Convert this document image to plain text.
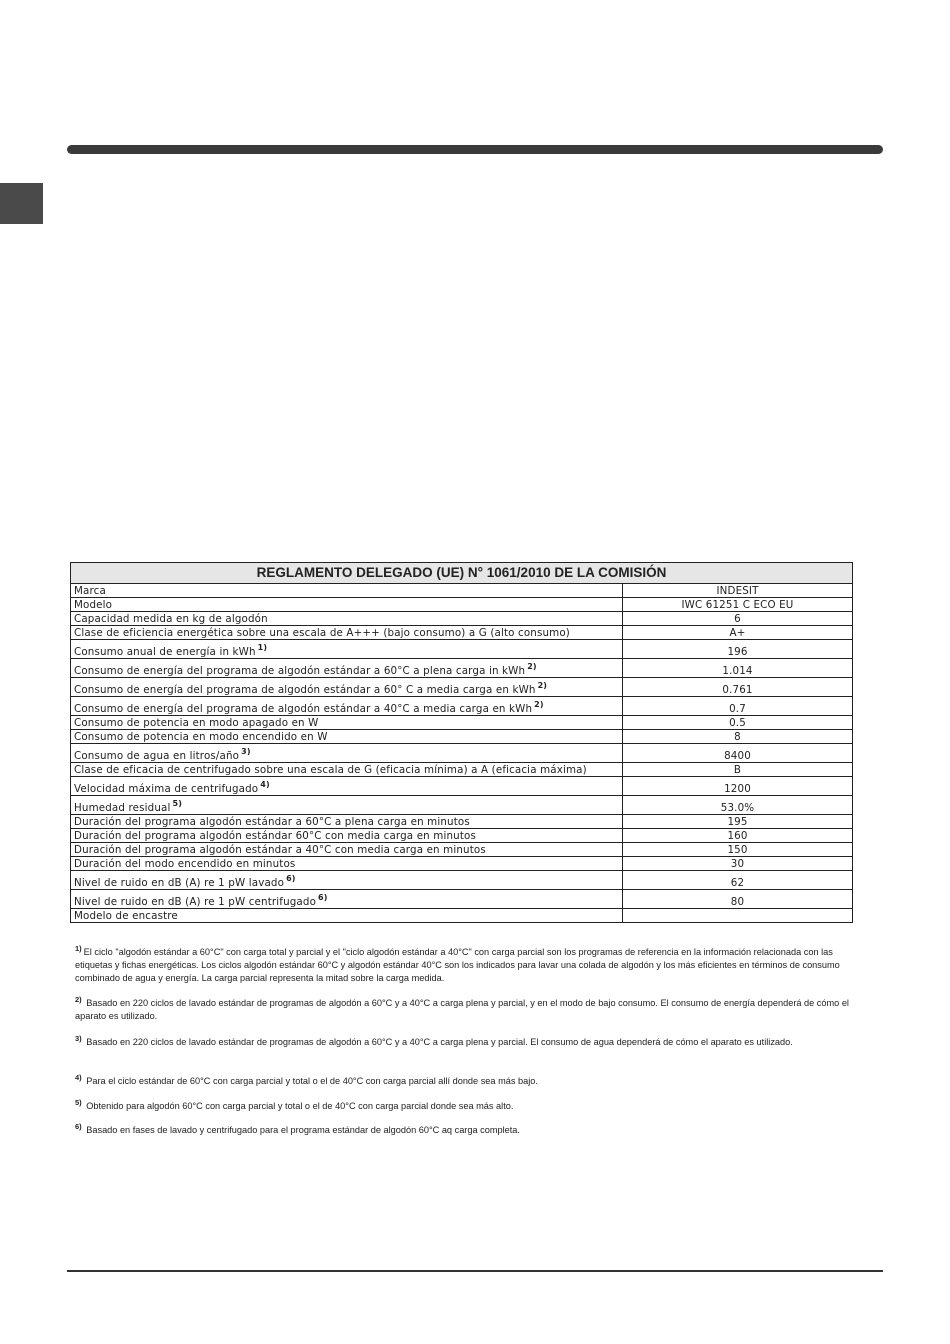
REGLAMENTO DELEGADO (UE) N° 1061/2010 DE LA COMISIÓN	
Marca	INDESIT
Modelo	IWC 61251 C ECO EU
Capacidad medida en kg de algodón	6
Clase de eficiencia energética sobre una escala de A+++ (bajo consumo) a G (alto consumo)	A+
Consumo anual de energía in kWh $^{1)}$	196
Consumo de energía del programa de algodón estándar a 60°C a plena carga in kWh $^{2)}$	1.014
Consumo de energía del programa de algodón estándar a 60° C a media carga en kWh $^{2)}$	0.761
Consumo de energía del programa de algodón estándar a 40°C a media carga en kWh $^{2)}$	0.7
Consumo de potencia en modo apagado en W	0.5
Consumo de potencia en modo encendido en W	8
Consumo de agua en litros/año $^{3)}$	8400
Clase de eficacia de centrifugado sobre una escala de G (eficacia mínima) a A (eficacia máxima)	B
Velocidad máxima de centrifugado $^{4)}$	1200
Humedad residual $^{5)}$	53.0%
Duración del programa algodón estándar a 60°C a plena carga en minutos	195
Duración del programa algodón estándar 60°C con media carga en minutos	160
Duración del programa algodón estándar a 40°C con media carga en minutos	150
Duración del modo encendido en minutos	30
Nivel de ruido en dB (A) re 1 pW lavado $^{6)}$	62
Nivel de ruido en dB (A) re 1 pW centrifugado $^{6)}$	80
Modelo de encastre	

$^{1)}$ El ciclo "algodón estándar a 60°C" con carga total y parcial y el "ciclo algodón estándar a 40°C" con carga parcial son los programas de referencia en la información relacionada con las etiquetas y fichas energéticas. Los ciclos algodón estándar 60°C y algodón estándar 40°C son los indicados para lavar una colada de algodón y los más eficientes en términos de consumo combinado de agua y energía. La carga parcial representa la mitad sobre la carga medida.

$^{2)}$ Basado en 220 ciclos de lavado estándar de programas de algodón a 60°C y a 40°C a carga plena y parcial, y en el modo de bajo consumo. El consumo de energía dependerá de cómo el aparato es utilizado.

$^{3)}$ Basado en 220 ciclos de lavado estándar de programas de algodón a 60°C y a 40°C a carga plena y parcial. El consumo de agua dependerá de cómo el aparato es utilizado.

$^{4)}$ Para el ciclo estándar de 60°C con carga parcial y total o el de 40°C con carga parcial allí donde sea más bajo.

$^{5)}$ Obtenido para algodón 60°C con carga parcial y total o el de 40°C con carga parcial donde sea más alto.

$^{6)}$ Basado en fases de lavado y centrifugado para el programa estándar de algodón 60°C aq carga completa.
